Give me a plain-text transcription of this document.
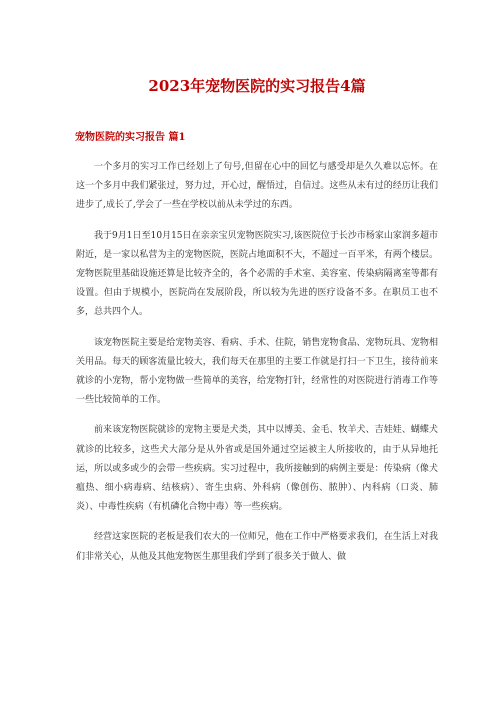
2023年宠物医院的实习报告4篇
宠物医院的实习报告 篇1

一个多月的实习工作已经划上了句号,但留在心中的回忆与感受却是久久难以忘怀。在这一个多月中我们紧张过，努力过，开心过，醒悟过，自信过。这些从未有过的经历让我们进步了,成长了,学会了一些在学校以前从未学过的东西。

我于9月1日至10月15日在亲亲宝贝宠物医院实习,该医院位于长沙市杨家山家润多超市附近，是一家以私营为主的宠物医院，医院占地面积不大，不超过一百平米，有两个楼层。宠物医院里基础设施还算是比较齐全的，各个必需的手术室、美容室、传染病隔离室等都有设置。但由于规模小，医院尚在发展阶段，所以较为先进的医疗设备不多。在职员工也不多，总共四个人。

该宠物医院主要是给宠物美容、看病、手术、住院，销售宠物食品、宠物玩具、宠物相关用品。每天的顾客流量比较大，我们每天在那里的主要工作就是打扫一下卫生，接待前来就诊的小宠物，帮小宠物做一些简单的美容，给宠物打针，经常性的对医院进行消毒工作等一些比较简单的工作。

前来该宠物医院就诊的宠物主要是犬类，其中以博美、金毛、牧羊犬、吉娃娃、蝴蝶犬就诊的比较多，这些犬大部分是从外省或是国外通过空运被主人所接收的，由于从异地托运，所以或多或少的会带一些疾病。实习过程中，我所接触到的病例主要是：传染病（像犬瘟热、细小病毒病、结核病）、寄生虫病、外科病（像创伤、脓肿）、内科病（口炎、肺炎）、中毒性疾病（有机磷化合物中毒）等一些疾病。

经营这家医院的老板是我们农大的一位师兄，他在工作中严格要求我们，在生活上对我们非常关心，从他及其他宠物医生那里我们学到了很多关于做人、做
